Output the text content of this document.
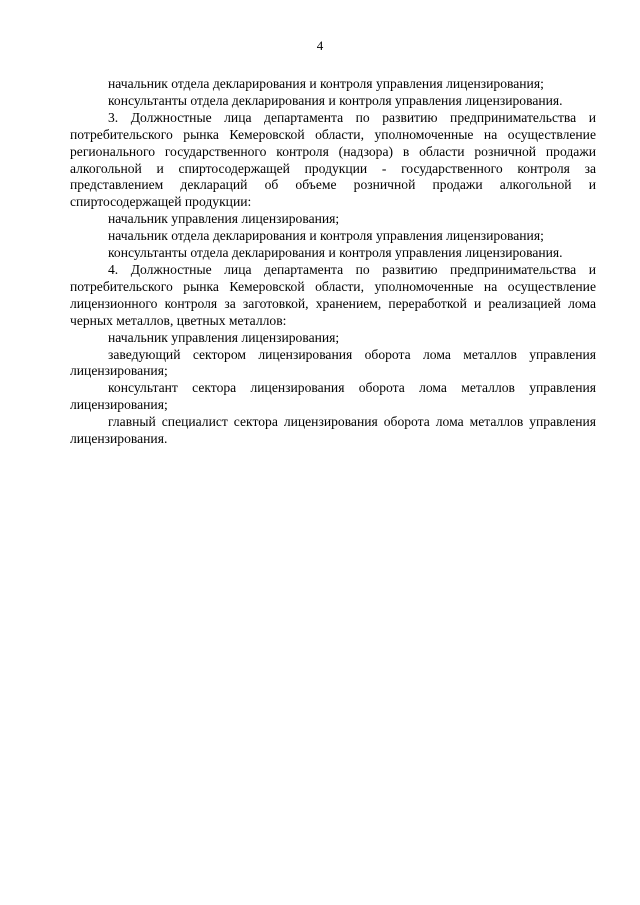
4

начальник отдела декларирования и контроля управления лицензирования;

консультанты отдела декларирования и контроля управления лицензирования.

3. Должностные лица департамента по развитию предпринимательства и потребительского рынка Кемеровской области, уполномоченные на осуществление регионального государственного контроля (надзора) в области розничной продажи алкогольной и спиртосодержащей продукции - государственного контроля за представлением деклараций об объеме розничной продажи алкогольной и спиртосодержащей продукции:

начальник управления лицензирования;

начальник отдела декларирования и контроля управления лицензирования;

консультанты отдела декларирования и контроля управления лицензирования.

4. Должностные лица департамента по развитию предпринимательства и потребительского рынка Кемеровской области, уполномоченные на осуществление лицензионного контроля за заготовкой, хранением, переработкой и реализацией лома черных металлов, цветных металлов:

начальник управления лицензирования;

заведующий сектором лицензирования оборота лома металлов управления лицензирования;

консультант сектора лицензирования оборота лома металлов управления лицензирования;

главный специалист сектора лицензирования оборота лома металлов управления лицензирования.
